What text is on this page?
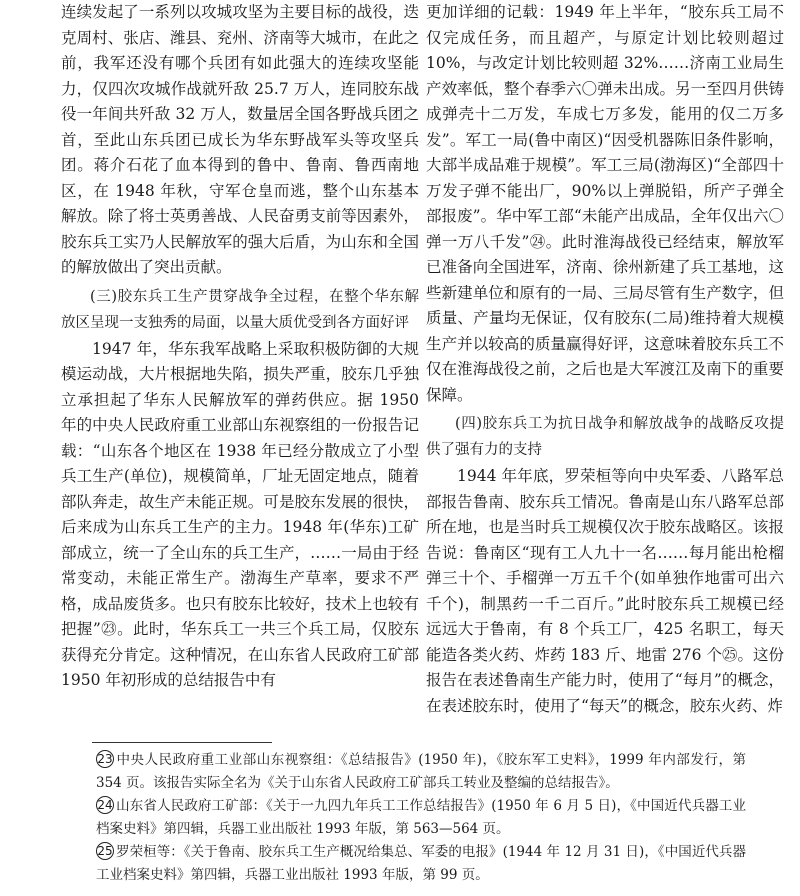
连续发起了一系列以攻城攻坚为主要目标的战役，迭克周村、张店、潍县、兖州、济南等大城市，在此之前，我军还没有哪个兵团有如此强大的连续攻坚能力，仅四次攻城作战就歼敌 25.7 万人，连同胶东战役一年间共歼敌 32 万人，数量居全国各野战兵团之首，至此山东兵团已成长为华东野战军头等攻坚兵团。蒋介石花了血本得到的鲁中、鲁南、鲁西南地区，在 1948 年秋，守军仓皇而逃，整个山东基本解放。除了将士英勇善战、人民奋勇支前等因素外，胶东兵工实乃人民解放军的强大后盾，为山东和全国的解放做出了突出贡献。

(三)胶东兵工生产贯穿战争全过程，在整个华东解放区呈现一支独秀的局面，以量大质优受到各方面好评

1947 年，华东我军战略上采取积极防御的大规模运动战，大片根据地失陷，损失严重，胶东几乎独立承担起了华东人民解放军的弹药供应。据 1950 年的中央人民政府重工业部山东视察组的一份报告记载：“山东各个地区在 1938 年已经分散成立了小型兵工生产(单位)，规模简单，厂址无固定地点，随着部队奔走，故生产未能正规。可是胶东发展的很快，后来成为山东兵工生产的主力。1948 年(华东)工矿部成立，统一了全山东的兵工生产，……一局由于经常变动，未能正常生产。渤海生产草率，要求不严格，成品废货多。也只有胶东比较好，技术上也较有把握”㉓。此时，华东兵工一共三个兵工局，仅胶东获得充分肯定。这种情况，在山东省人民政府工矿部 1950 年初形成的总结报告中有

更加详细的记载：1949 年上半年，“胶东兵工局不仅完成任务，而且超产，与原定计划比较则超过 10%，与改定计划比较则超 32%……济南工业局生产效率低，整个春季六〇弹未出成。另一至四月供铸成弹壳十二万发，车成七万多发，能用的仅二万多发”。军工一局(鲁中南区)“因受机器陈旧条件影响，大部半成品难于规模”。军工三局(渤海区)“全部四十万发子弹不能出厂，90%以上弹脱铅，所产子弹全部报废”。华中军工部“未能产出成品，全年仅出六〇弹一万八千发”㉔。此时淮海战役已经结束，解放军已准备向全国进军，济南、徐州新建了兵工基地，这些新建单位和原有的一局、三局尽管有生产数字，但质量、产量均无保证，仅有胶东(二局)维持着大规模生产并以较高的质量赢得好评，这意味着胶东兵工不仅在淮海战役之前，之后也是大军渡江及南下的重要保障。

(四)胶东兵工为抗日战争和解放战争的战略反攻提供了强有力的支持

1944 年年底，罗荣桓等向中央军委、八路军总部报告鲁南、胶东兵工情况。鲁南是山东八路军总部所在地，也是当时兵工规模仅次于胶东战略区。该报告说：鲁南区“现有工人九十一名……每月能出枪榴弹三十个、手榴弹一万五千个(如单独作地雷可出六千个)，制黑药一千二百斤。”此时胶东兵工规模已经远远大于鲁南，有 8 个兵工厂，425 名职工，每天能造各类火药、炸药 183 斤、地雷 276 个㉕。这份报告在表述鲁南生产能力时，使用了“每月”的概念，在表述胶东时，使用了“每天”的概念，胶东火药、炸

23 中央人民政府重工业部山东视察组：《总结报告》(1950 年)，《胶东军工史料》，1999 年内部发行，第 354 页。该报告实际全名为《关于山东省人民政府工矿部兵工转业及整编的总结报告》。

24 山东省人民政府工矿部：《关于一九四九年兵工工作总结报告》(1950 年 6 月 5 日)，《中国近代兵器工业档案史料》第四辑，兵器工业出版社 1993 年版，第 563—564 页。

25 罗荣桓等：《关于鲁南、胶东兵工生产概况给集总、军委的电报》(1944 年 12 月 31 日)，《中国近代兵器工业档案史料》第四辑，兵器工业出版社 1993 年版，第 99 页。
